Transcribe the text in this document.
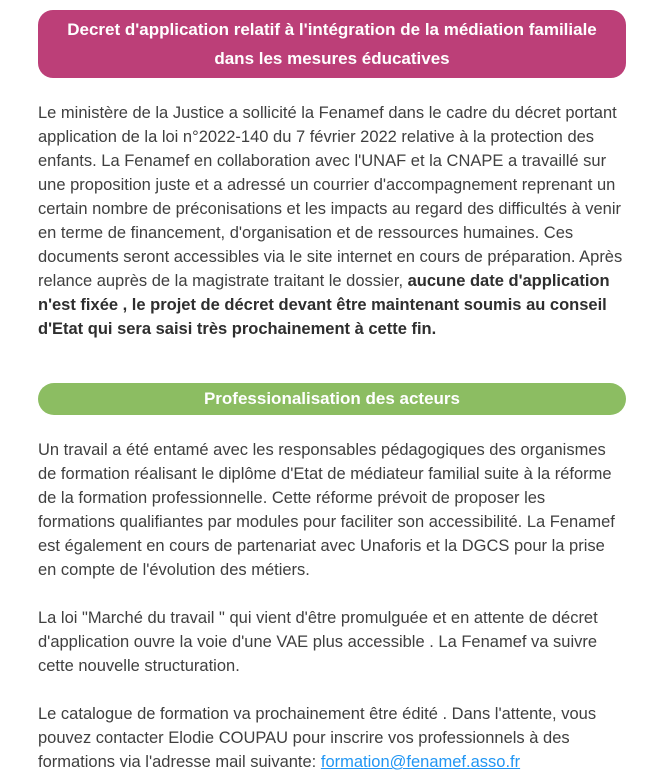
Decret d'application relatif à l'intégration de la médiation familiale
dans les mesures éducatives

Le ministère de la Justice a sollicité la Fenamef dans le cadre du décret portant application de la loi n°2022-140 du 7 février 2022 relative à la protection des enfants. La Fenamef en collaboration avec l'UNAF et la CNAPE a travaillé sur une proposition juste et a adressé un courrier d'accompagnement reprenant un certain nombre de préconisations et les impacts au regard des difficultés à venir en terme de financement, d'organisation et de ressources humaines. Ces documents seront accessibles via le site internet en cours de préparation. Après relance auprès de la magistrate traitant le dossier, aucune date d'application n'est fixée , le projet de décret devant être maintenant soumis au conseil d'Etat qui sera saisi très prochainement à cette fin.

Professionalisation des acteurs

Un travail a été entamé avec les responsables pédagogiques des organismes de formation réalisant le diplôme d'Etat de médiateur familial suite à la réforme de la formation professionnelle. Cette réforme prévoit de proposer les formations qualifiantes par modules pour faciliter son accessibilité. La Fenamef est également en cours de partenariat avec Unaforis et la DGCS pour la prise en compte de l'évolution des métiers.

La loi "Marché du travail " qui vient d'être promulguée et en attente de décret d'application ouvre la voie d'une VAE plus accessible . La Fenamef va suivre cette nouvelle structuration.

Le catalogue de formation va prochainement être édité . Dans l'attente, vous pouvez contacter Elodie COUPAU pour inscrire vos professionnels à des formations via l'adresse mail suivante: formation@fenamef.asso.fr
